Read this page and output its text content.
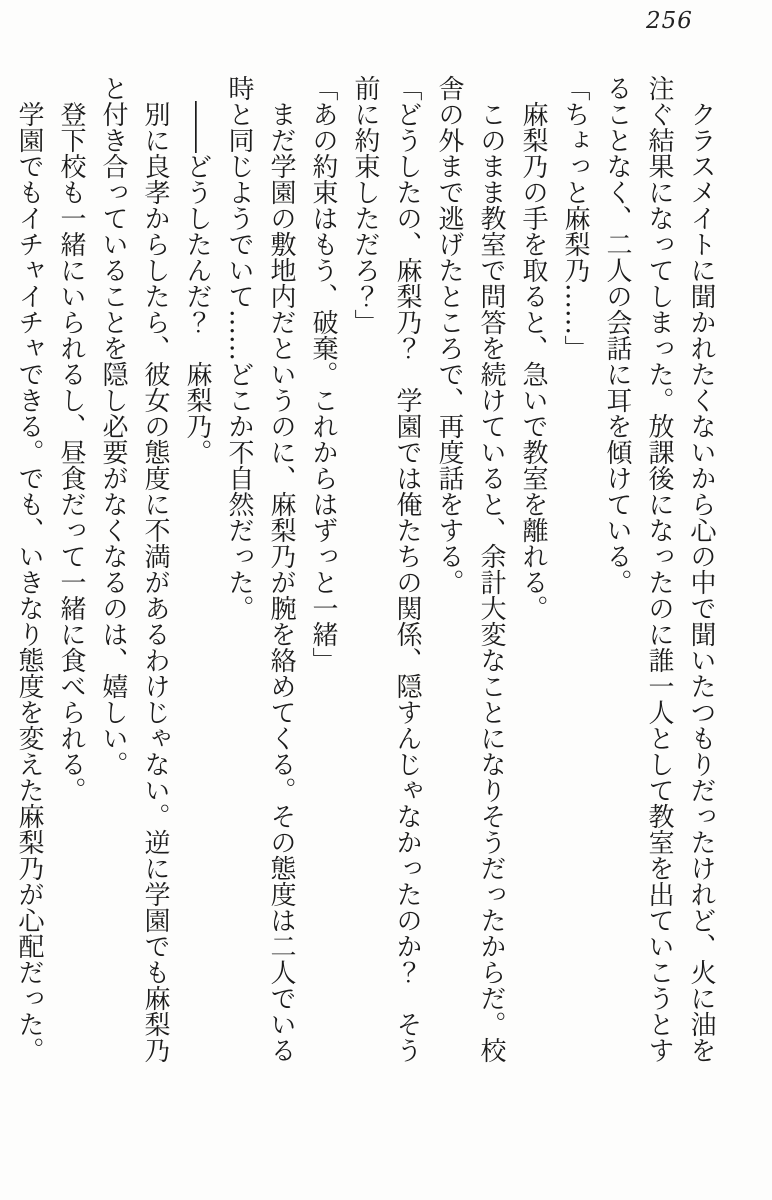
256

クラスメイトに聞かれたくないから心の中で聞いたつもりだったけれど、火に油を

注ぐ結果になってしまった。放課後になったのに誰一人として教室を出ていこうとす

ることなく、二人の会話に耳を傾けている。

「ちょっと麻梨乃……」

麻梨乃の手を取ると、急いで教室を離れる。

このまま教室で問答を続けていると、余計大変なことになりそうだったからだ。校

舎の外まで逃げたところで、再度話をする。

「どうしたの、麻梨乃？　学園では俺たちの関係、隠すんじゃなかったのか？　そう

前に約束しただろ？」

「あの約束はもう、破棄。これからはずっと一緒」

まだ学園の敷地内だというのに、麻梨乃が腕を絡めてくる。その態度は二人でいる

時と同じようでいて……どこか不自然だった。

――どうしたんだ？　麻梨乃。

別に良孝からしたら、彼女の態度に不満があるわけじゃない。逆に学園でも麻梨乃

と付き合っていることを隠し必要がなくなるのは、嬉しい。

登下校も一緒にいられるし、昼食だって一緒に食べられる。

学園でもイチャイチャできる。でも、いきなり態度を変えた麻梨乃が心配だった。
